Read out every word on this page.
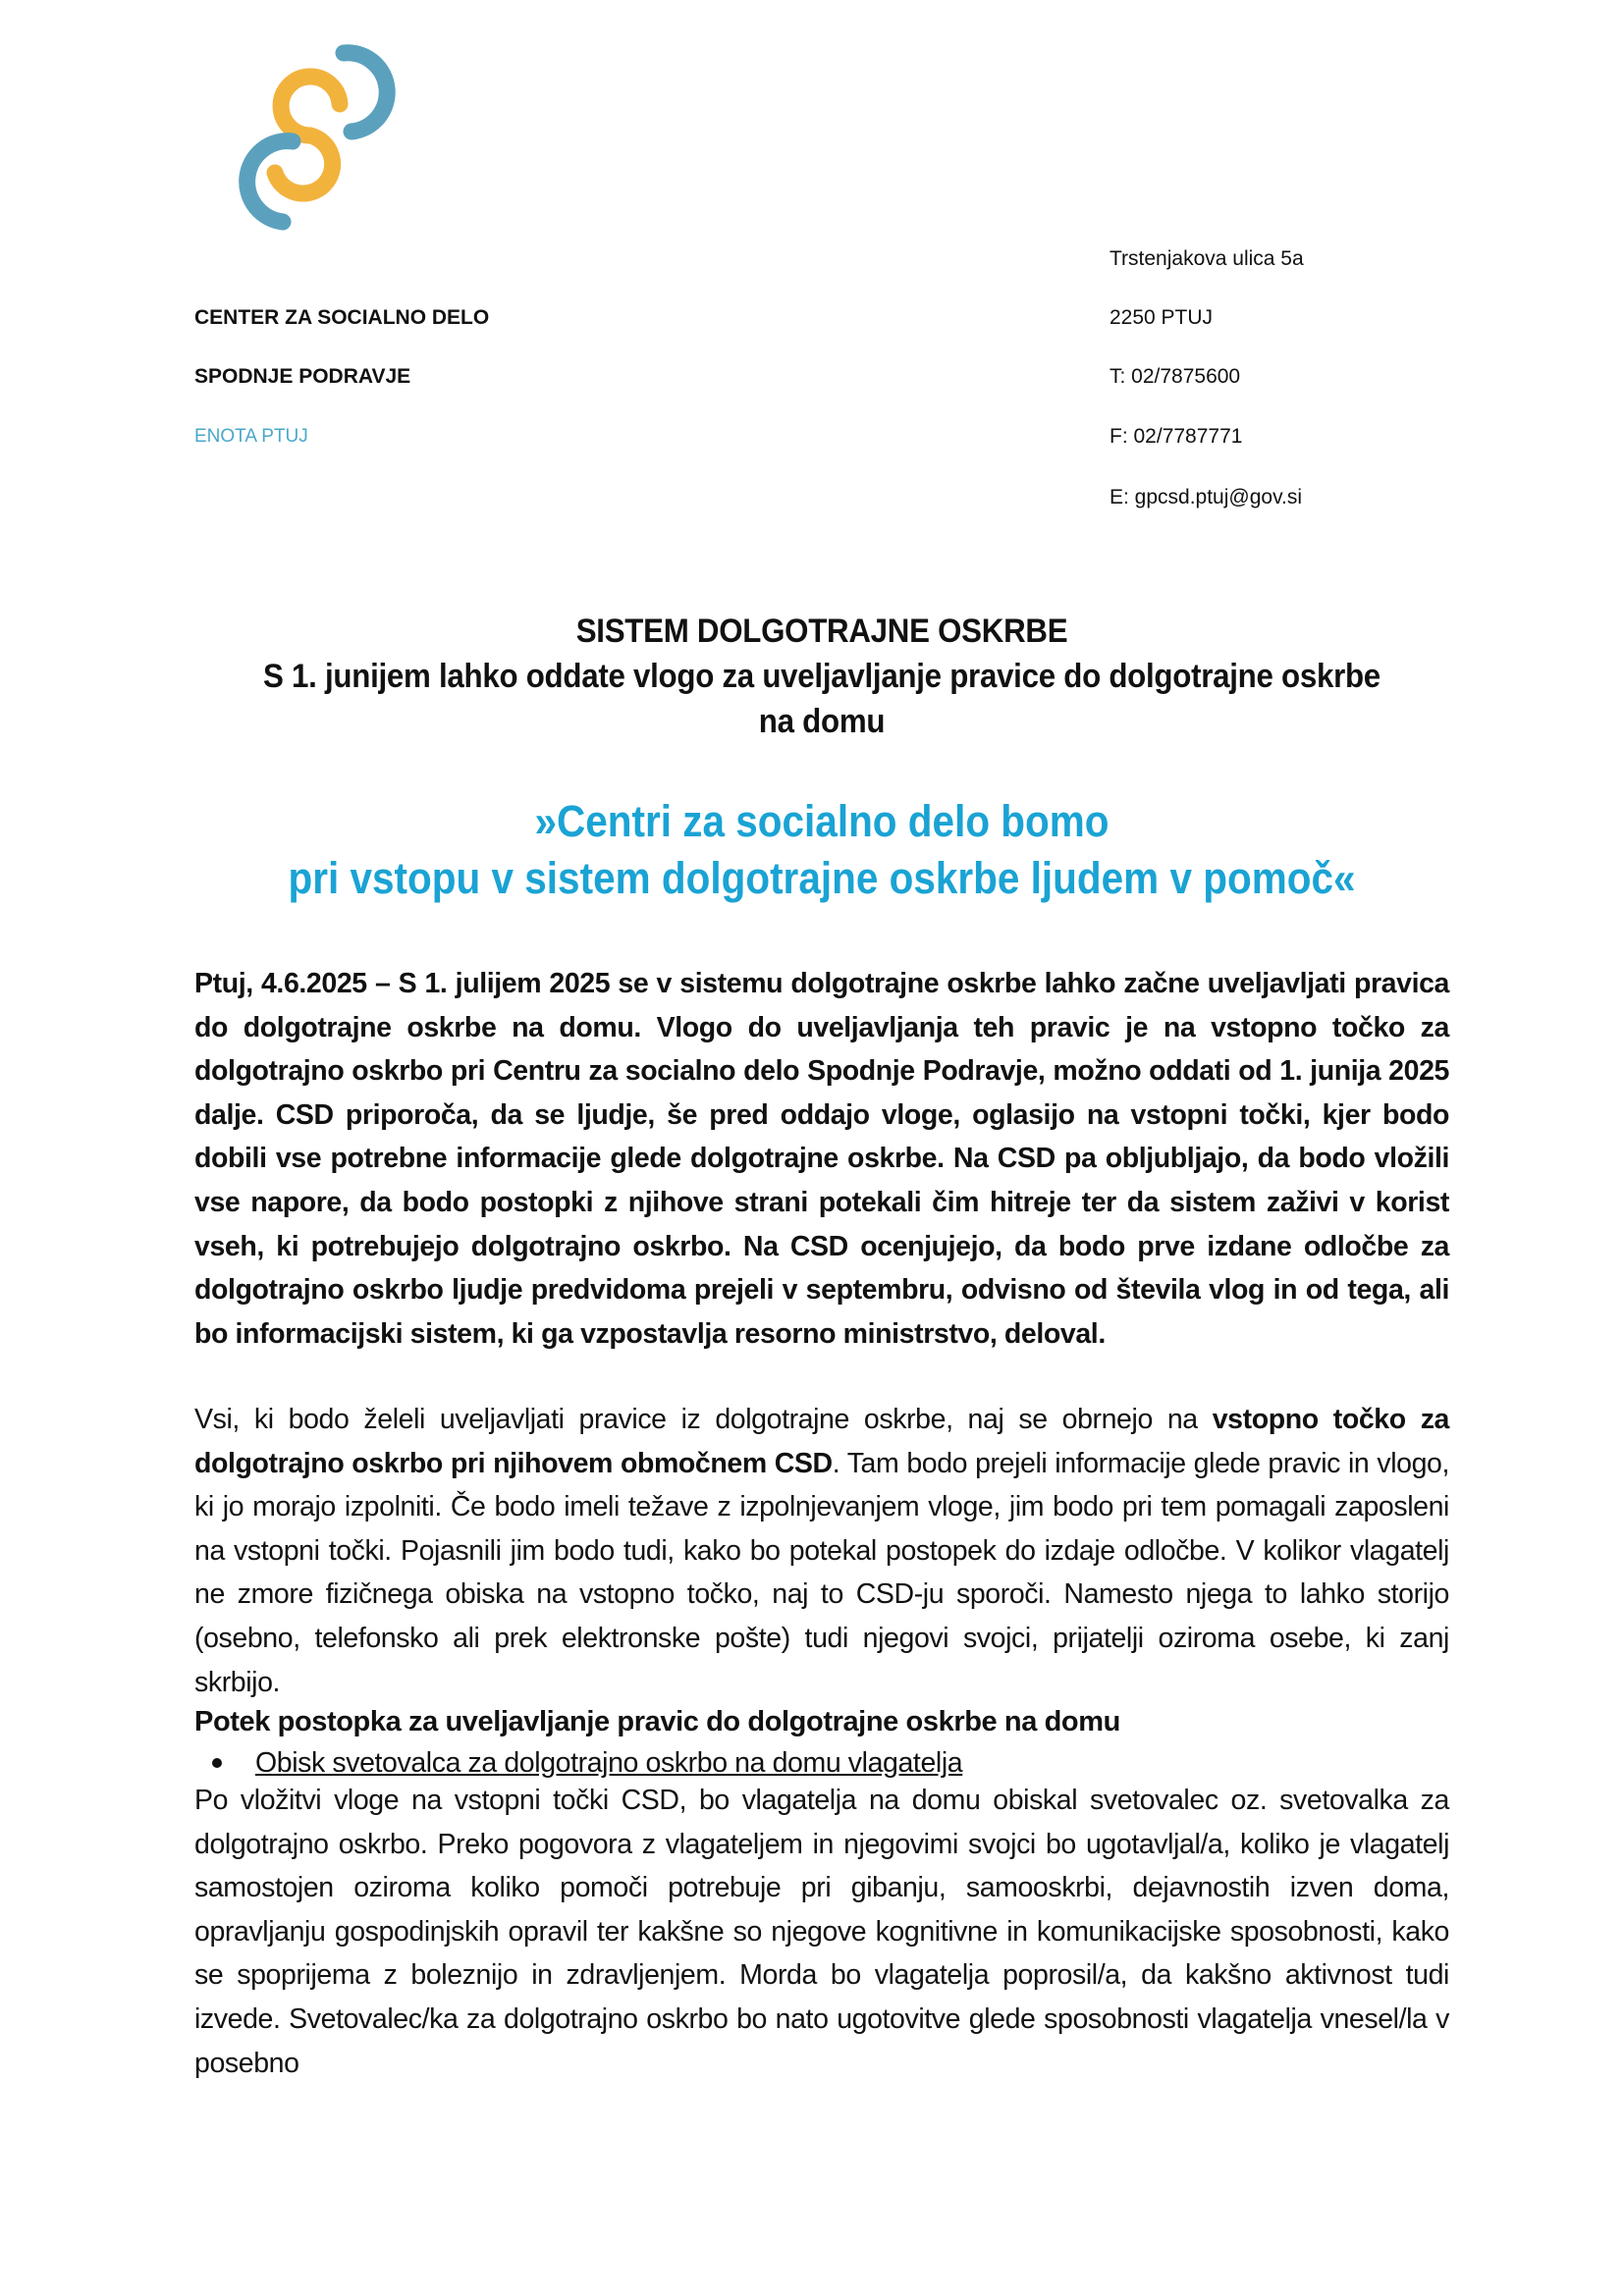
CENTER ZA SOCIALNO DELO

SPODNJE PODRAVJE

ENOTA PTUJ

Trstenjakova ulica 5a

2250 PTUJ

T: 02/7875600

F: 02/7787771

E: gpcsd.ptuj@gov.si

SISTEM DOLGOTRAJNE OSKRBE
S 1. junijem lahko oddate vlogo za uveljavljanje pravice do dolgotrajne oskrbe na domu
»Centri za socialno delo bomo
pri vstopu v sistem dolgotrajne oskrbe ljudem v pomoč«

Ptuj, 4.6.2025 – S 1. julijem 2025 se v sistemu dolgotrajne oskrbe lahko začne uveljavljati pravica do dolgotrajne oskrbe na domu. Vlogo do uveljavljanja teh pravic je na vstopno točko za dolgotrajno oskrbo pri Centru za socialno delo Spodnje Podravje, možno oddati od 1. junija 2025 dalje. CSD priporoča, da se ljudje, še pred oddajo vloge, oglasijo na vstopni točki, kjer bodo dobili vse potrebne informacije glede dolgotrajne oskrbe. Na CSD pa obljubljajo, da bodo vložili vse napore, da bodo postopki z njihove strani potekali čim hitreje ter da sistem zaživi v korist vseh, ki potrebujejo dolgotrajno oskrbo. Na CSD ocenjujejo, da bodo prve izdane odločbe za dolgotrajno oskrbo ljudje predvidoma prejeli v septembru, odvisno od števila vlog in od tega, ali bo informacijski sistem, ki ga vzpostavlja resorno ministrstvo, deloval.

Vsi, ki bodo želeli uveljavljati pravice iz dolgotrajne oskrbe, naj se obrnejo na vstopno točko za dolgotrajno oskrbo pri njihovem območnem CSD. Tam bodo prejeli informacije glede pravic in vlogo, ki jo morajo izpolniti. Če bodo imeli težave z izpolnjevanjem vloge, jim bodo pri tem pomagali zaposleni na vstopni točki. Pojasnili jim bodo tudi, kako bo potekal postopek do izdaje odločbe. V kolikor vlagatelj ne zmore fizičnega obiska na vstopno točko, naj to CSD-ju sporoči. Namesto njega to lahko storijo (osebno, telefonsko ali prek elektronske pošte) tudi njegovi svojci, prijatelji oziroma osebe, ki zanj skrbijo.

Potek postopka za uveljavljanje pravic do dolgotrajne oskrbe na domu

Obisk svetovalca za dolgotrajno oskrbo na domu vlagatelja

Po vložitvi vloge na vstopni točki CSD, bo vlagatelja na domu obiskal svetovalec oz. svetovalka za dolgotrajno oskrbo. Preko pogovora z vlagateljem in njegovimi svojci bo ugotavljal/a, koliko je vlagatelj samostojen oziroma koliko pomoči potrebuje pri gibanju, samooskrbi, dejavnostih izven doma, opravljanju gospodinjskih opravil ter kakšne so njegove kognitivne in komunikacijske sposobnosti, kako se spoprijema z boleznijo in zdravljenjem. Morda bo vlagatelja poprosil/a, da kakšno aktivnost tudi izvede. Svetovalec/ka za dolgotrajno oskrbo bo nato ugotovitve glede sposobnosti vlagatelja vnesel/la v posebno
